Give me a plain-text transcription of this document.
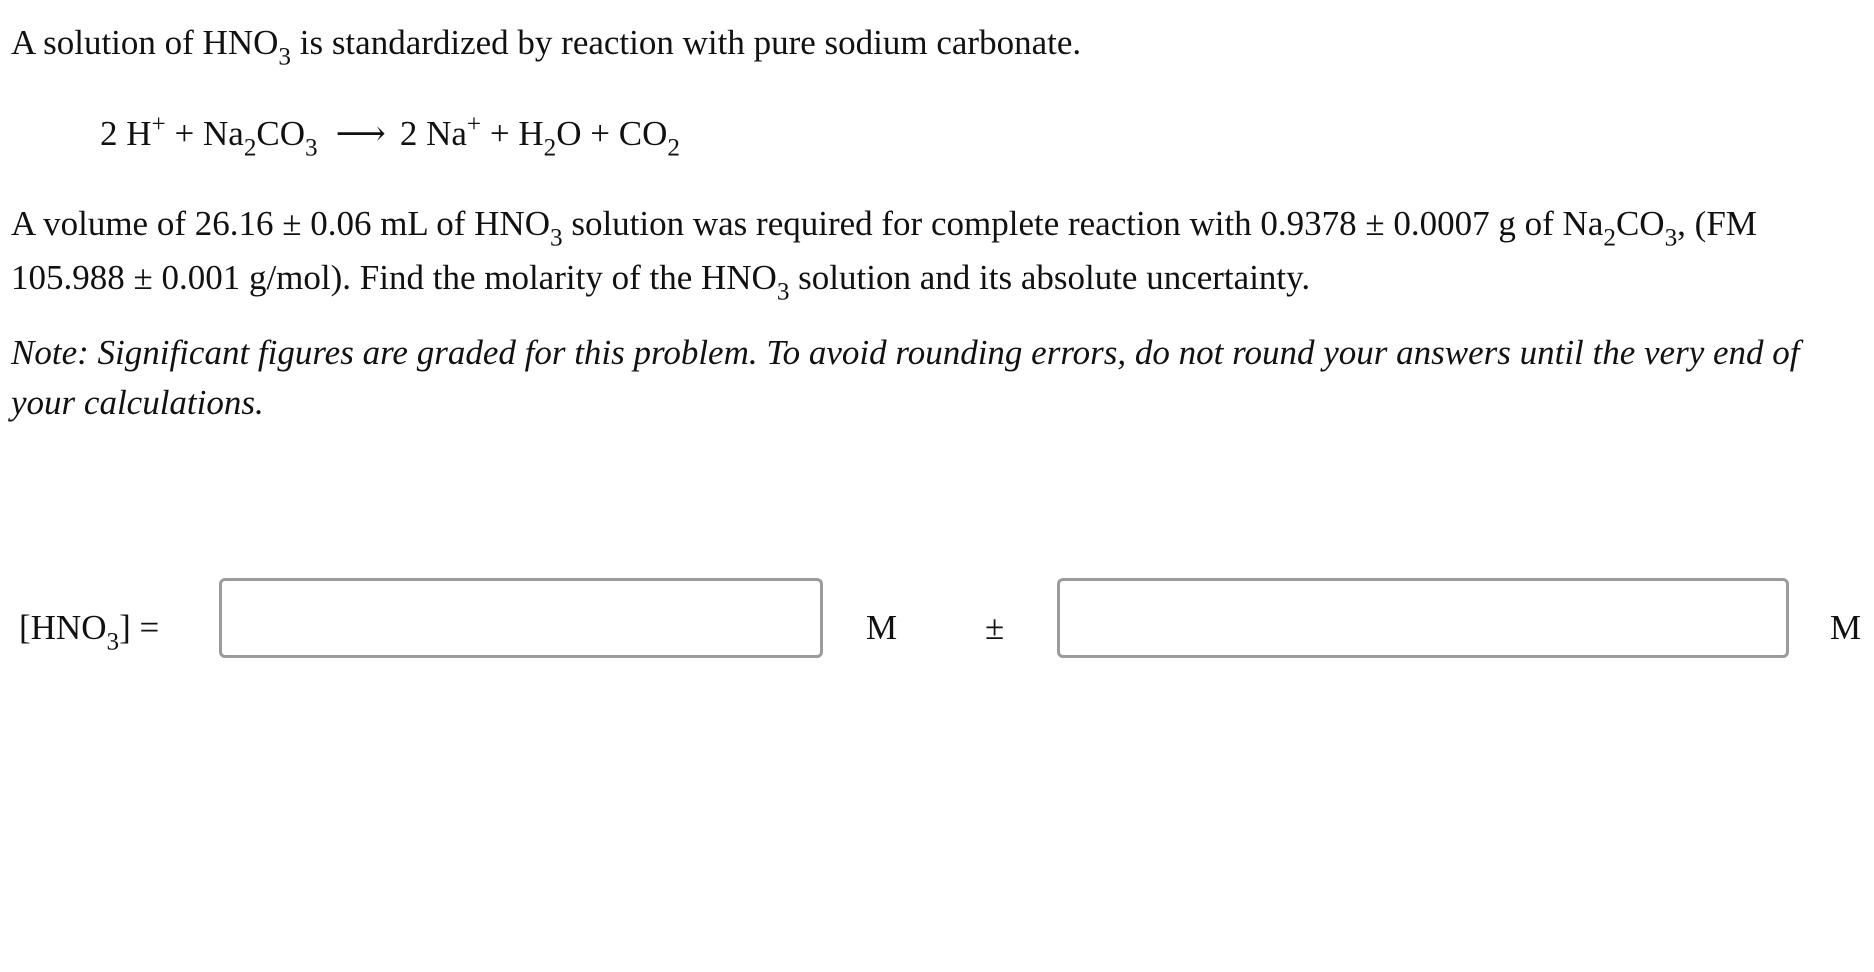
A solution of $HNO_3$ is standardized by reaction with pure sodium carbonate.
2 $H^+ + Na_2CO_3$ ⟶ 2 $Na^+ + H_2O + CO_2$
A volume of 26.16 ± 0.06 mL of $HNO_3$ solution was required for complete reaction with 0.9378 ± 0.0007 g of $Na_2CO_3$, (FM
105.988 ± 0.001 g/mol). Find the molarity of the $HNO_3$ solution and its absolute uncertainty.
Note: Significant figures are graded for this problem. To avoid rounding errors, do not round your answers until the very end of
your calculations.
$[HNO_3]$ =	M	±	M
